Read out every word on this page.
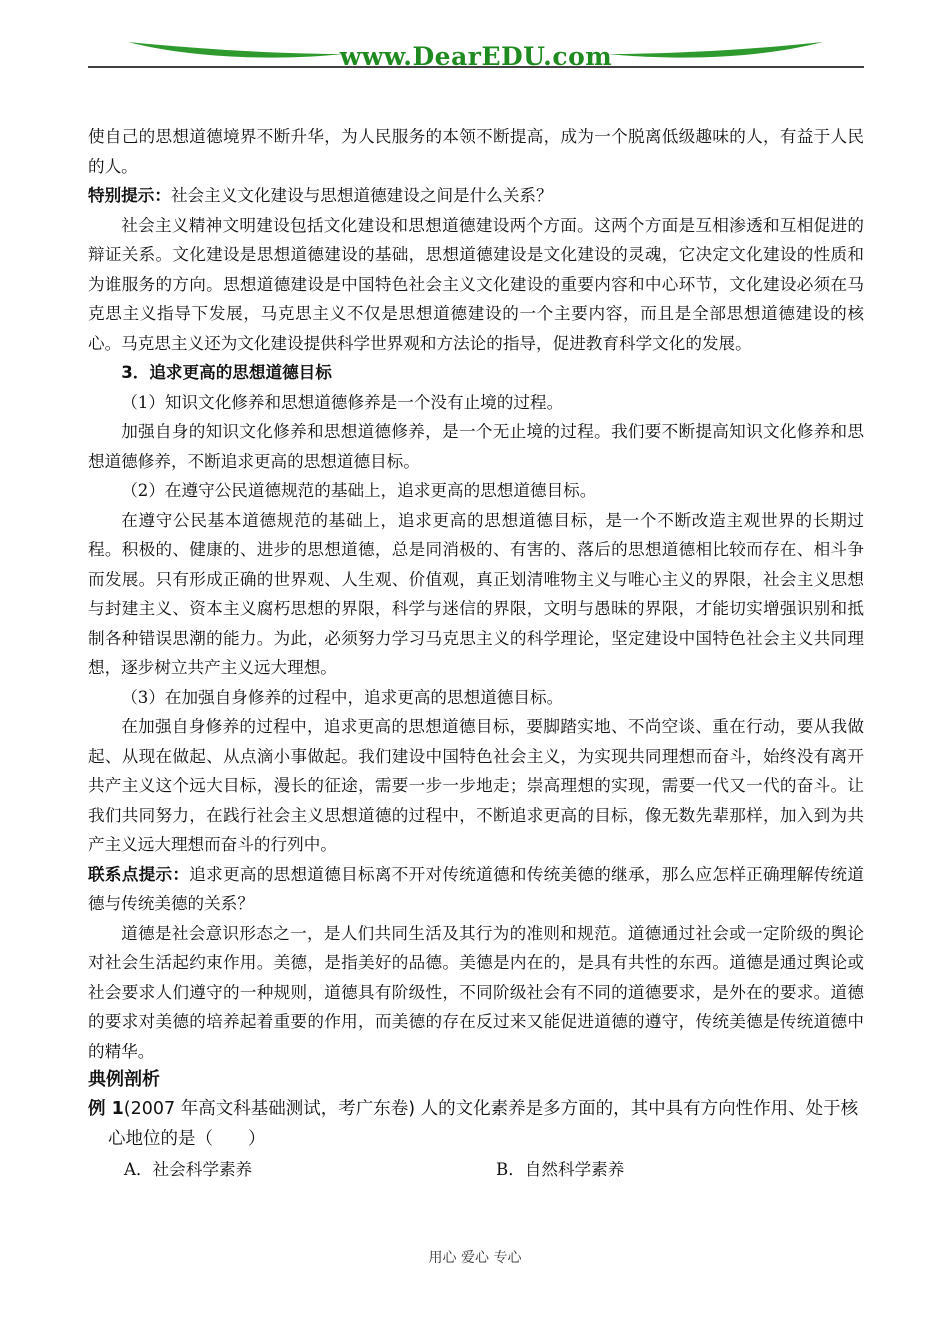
www.DearEDU.com

使自己的思想道德境界不断升华，为人民服务的本领不断提高，成为一个脱离低级趣味的人，有益于人民的人。

特别提示：社会主义文化建设与思想道德建设之间是什么关系？

社会主义精神文明建设包括文化建设和思想道德建设两个方面。这两个方面是互相渗透和互相促进的辩证关系。文化建设是思想道德建设的基础，思想道德建设是文化建设的灵魂，它决定文化建设的性质和为谁服务的方向。思想道德建设是中国特色社会主义文化建设的重要内容和中心环节，文化建设必须在马克思主义指导下发展，马克思主义不仅是思想道德建设的一个主要内容，而且是全部思想道德建设的核心。马克思主义还为文化建设提供科学世界观和方法论的指导，促进教育科学文化的发展。

3．追求更高的思想道德目标

（1）知识文化修养和思想道德修养是一个没有止境的过程。

加强自身的知识文化修养和思想道德修养，是一个无止境的过程。我们要不断提高知识文化修养和思想道德修养，不断追求更高的思想道德目标。

（2）在遵守公民道德规范的基础上，追求更高的思想道德目标。

在遵守公民基本道德规范的基础上，追求更高的思想道德目标，是一个不断改造主观世界的长期过程。积极的、健康的、进步的思想道德，总是同消极的、有害的、落后的思想道德相比较而存在、相斗争而发展。只有形成正确的世界观、人生观、价值观，真正划清唯物主义与唯心主义的界限，社会主义思想与封建主义、资本主义腐朽思想的界限，科学与迷信的界限，文明与愚昧的界限，才能切实增强识别和抵制各种错误思潮的能力。为此，必须努力学习马克思主义的科学理论，坚定建设中国特色社会主义共同理想，逐步树立共产主义远大理想。

（3）在加强自身修养的过程中，追求更高的思想道德目标。

在加强自身修养的过程中，追求更高的思想道德目标，要脚踏实地、不尚空谈、重在行动，要从我做起、从现在做起、从点滴小事做起。我们建设中国特色社会主义，为实现共同理想而奋斗，始终没有离开共产主义这个远大目标，漫长的征途，需要一步一步地走；崇高理想的实现，需要一代又一代的奋斗。让我们共同努力，在践行社会主义思想道德的过程中，不断追求更高的目标，像无数先辈那样，加入到为共产主义远大理想而奋斗的行列中。

联系点提示：追求更高的思想道德目标离不开对传统道德和传统美德的继承，那么应怎样正确理解传统道德与传统美德的关系？

道德是社会意识形态之一，是人们共同生活及其行为的准则和规范。道德通过社会或一定阶级的舆论对社会生活起约束作用。美德，是指美好的品德。美德是内在的，是具有共性的东西。道德是通过舆论或社会要求人们遵守的一种规则，道德具有阶级性，不同阶级社会有不同的道德要求，是外在的要求。道德的要求对美德的培养起着重要的作用，而美德的存在反过来又能促进道德的遵守，传统美德是传统道德中的精华。

典例剖析

例 1(2007 年高文科基础测试，考广东卷) 人的文化素养是多方面的，其中具有方向性作用、处于核心地位的是（　　）

A．社会科学素养	B．自然科学素养
用心 爱心 专心
